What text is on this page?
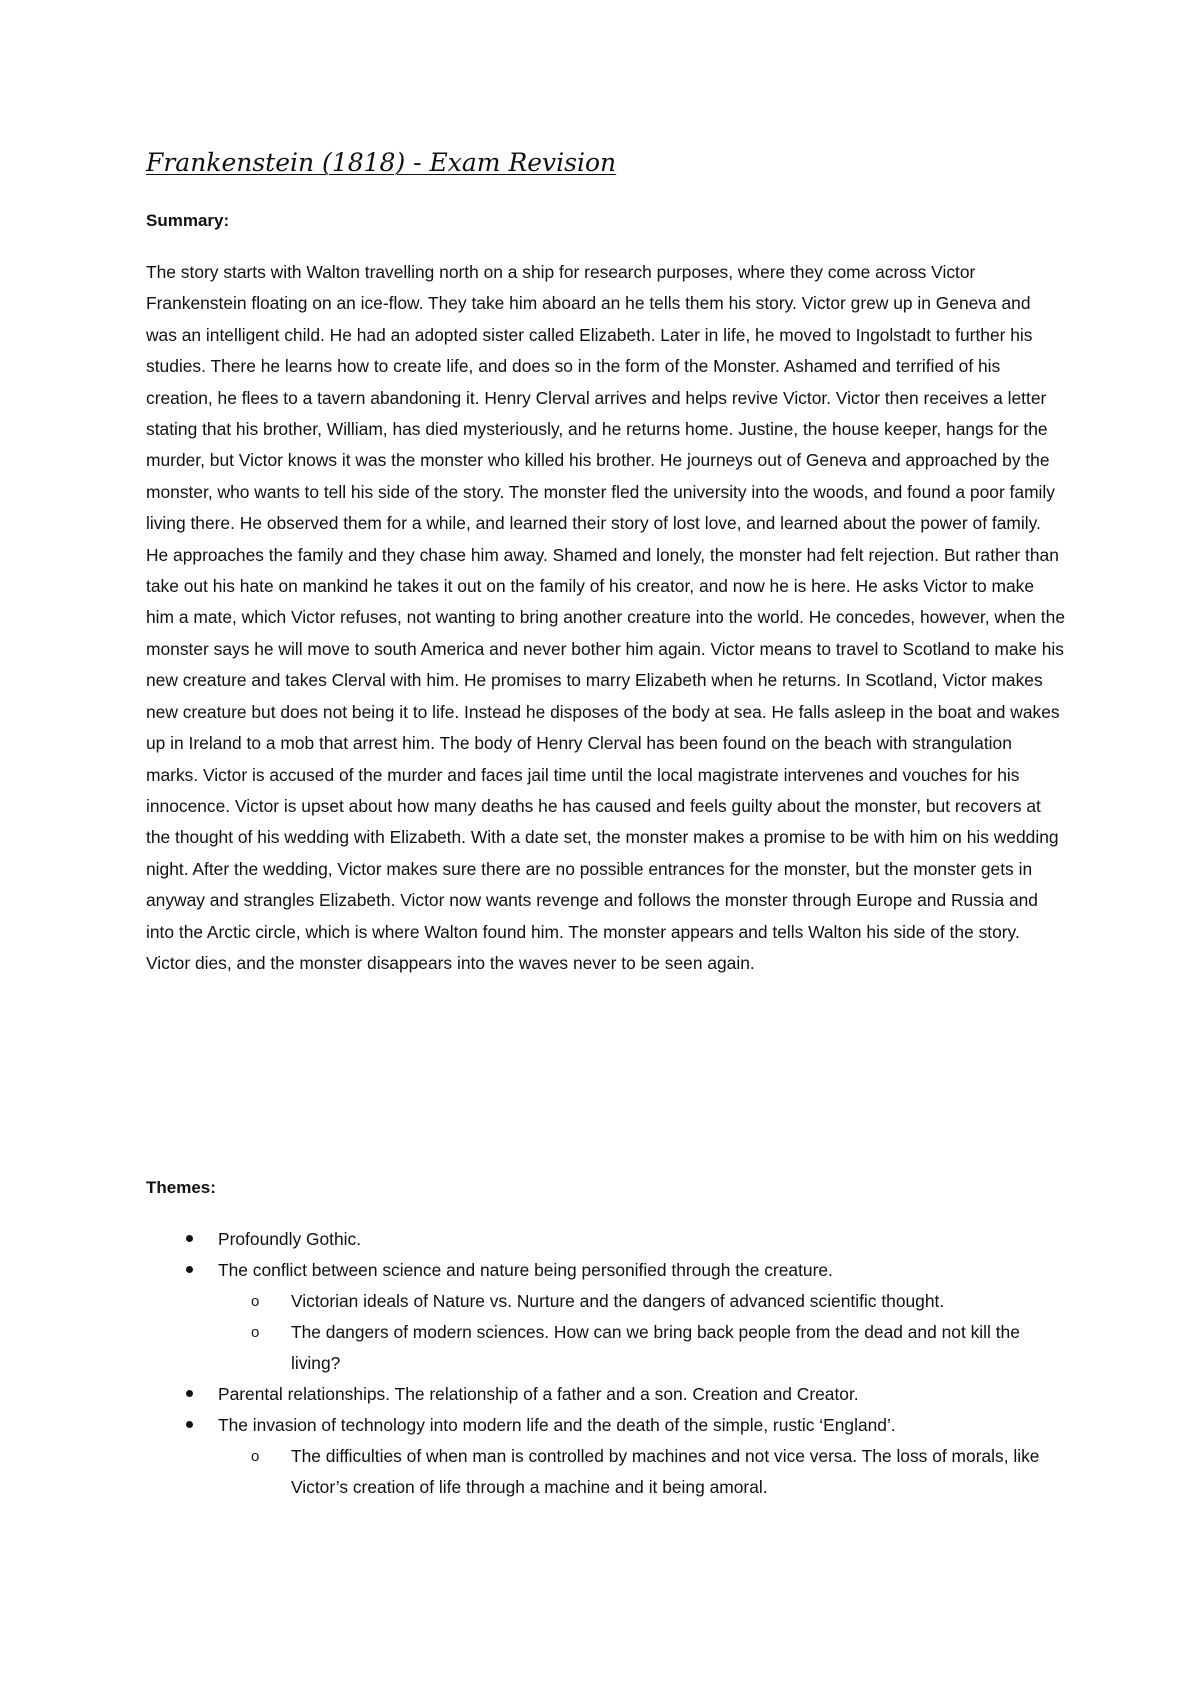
Frankenstein (1818) - Exam Revision
Summary:

The story starts with Walton travelling north on a ship for research purposes, where they come across Victor Frankenstein floating on an ice-flow. They take him aboard an he tells them his story. Victor grew up in Geneva and was an intelligent child. He had an adopted sister called Elizabeth. Later in life, he moved to Ingolstadt to further his studies. There he learns how to create life, and does so in the form of the Monster. Ashamed and terrified of his creation, he flees to a tavern abandoning it. Henry Clerval arrives and helps revive Victor. Victor then receives a letter stating that his brother, William, has died mysteriously, and he returns home. Justine, the house keeper, hangs for the murder, but Victor knows it was the monster who killed his brother. He journeys out of Geneva and approached by the monster, who wants to tell his side of the story. The monster fled the university into the woods, and found a poor family living there. He observed them for a while, and learned their story of lost love, and learned about the power of family. He approaches the family and they chase him away. Shamed and lonely, the monster had felt rejection. But rather than take out his hate on mankind he takes it out on the family of his creator, and now he is here. He asks Victor to make him a mate, which Victor refuses, not wanting to bring another creature into the world. He concedes, however, when the monster says he will move to south America and never bother him again. Victor means to travel to Scotland to make his new creature and takes Clerval with him. He promises to marry Elizabeth when he returns. In Scotland, Victor makes new creature but does not being it to life. Instead he disposes of the body at sea. He falls asleep in the boat and wakes up in Ireland to a mob that arrest him. The body of Henry Clerval has been found on the beach with strangulation marks. Victor is accused of the murder and faces jail time until the local magistrate intervenes and vouches for his innocence. Victor is upset about how many deaths he has caused and feels guilty about the monster, but recovers at the thought of his wedding with Elizabeth. With a date set, the monster makes a promise to be with him on his wedding night. After the wedding, Victor makes sure there are no possible entrances for the monster, but the monster gets in anyway and strangles Elizabeth. Victor now wants revenge and follows the monster through Europe and Russia and into the Arctic circle, which is where Walton found him. The monster appears and tells Walton his side of the story. Victor dies, and the monster disappears into the waves never to be seen again.

Themes:
Profoundly Gothic.
The conflict between science and nature being personified through the creature.
o Victorian ideals of Nature vs. Nurture and the dangers of advanced scientific thought.
o The dangers of modern sciences. How can we bring back people from the dead and not kill the living?
Parental relationships. The relationship of a father and a son. Creation and Creator.
The invasion of technology into modern life and the death of the simple, rustic ‘England’.
o The difficulties of when man is controlled by machines and not vice versa. The loss of morals, like Victor’s creation of life through a machine and it being amoral.
